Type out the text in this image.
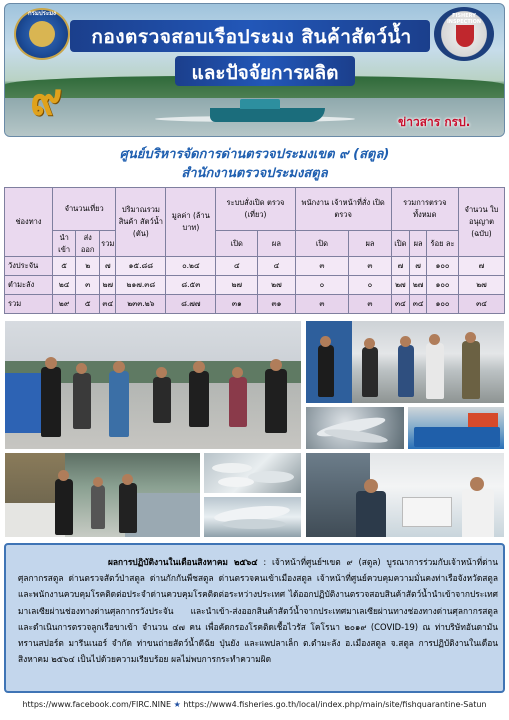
กรมประมง	FISHERY INSPECTION
กองตรวจสอบเรือประมง สินค้าสัตว์น้ำ
และปัจจัยการผลิต
๙	ข่าวสาร กรป.
ศูนย์บริหารจัดการด่านตรวจประมงเขต ๙ (สตูล)
สำนักงานตรวจประมงสตูล
ช่องทาง	จำนวนเที่ยว			ปริมาณรวม สินค้า สัตว์น้ำ (ตัน)	มูลค่า (ล้านบาท)	ระบบสั่งเปิด ตรวจ (เที่ยว)		พนักงาน เจ้าหน้าที่สั่ง เปิดตรวจ		รวมการตรวจทั้งหมด			จำนวน ใบอนุญาต (ฉบับ)
	นำเข้า	ส่งออก	รวม			เปิด	ผล	เปิด	ผล	เปิด	ผล	ร้อย ละ	
วังประจัน	๕	๒	๗	๑๕.๘๘	๐.๒๔	๔	๔	๓	๓	๗	๗	๑๐๐	๗
ตำมะลัง	๒๔	๓	๒๗	๒๑๗.๓๘	๘.๕๓	๒๗	๒๗	๐	๐	๒๗	๒๗	๑๐๐	๒๗
รวม	๒๙	๕	๓๔	๒๓๓.๒๖	๘.๗๗	๓๑	๓๑	๓	๓	๓๔	๓๔	๑๐๐	๓๔
ผลการปฏิบัติงานในเดือนสิงหาคม ๒๕๖๔ : เจ้าหน้าที่ศูนย์ฯเขต ๙ (สตูล) บูรณาการร่วมกับเจ้าหน้าที่ด่านศุลกากรสตูล ด่านตรวจสัตว์ป่าสตูล ด่านกักกันพืชสตูล ด่านตรวจคนเข้าเมืองสตูล เจ้าหน้าที่ศูนย์ควบคุมความมั่นคงท่าเรือจังหวัดสตูล และพนักงานควบคุมโรคติดต่อประจำด่านควบคุมโรคติดต่อระหว่างประเทศ ได้ออกปฏิบัติงานตรวจสอบสินค้าสัตว์น้ำนำเข้าจากประเทศมาเลเซียผ่านช่องทางด่านศุลกากรวังประจัน และนำเข้า-ส่งออกสินค้าสัตว์น้ำจากประเทศมาเลเซียผ่านทางช่องทางด่านศุลกากรสตูล และดำเนินการตรวจลูกเรือขาเข้า จำนวน ๔๗ คน เพื่อคัดกรองโรคติดเชื้อไวรัส โคโรนา ๒๐๑๙ (COVID-19) ณ ท่าบริษัทอันดามัน ทรานสปอร์ต มารีนเนอร์ จำกัด ท่าขนถ่ายสัตว์น้ำดีฉัย ปุ่นยัง และแพปลาเล็ก ต.ตำมะลัง อ.เมืองสตูล จ.สตูล การปฏิบัติงานในเดือนสิงหาคม ๒๕๖๔ เป็นไปด้วยความเรียบร้อย ผลไม่พบการกระทำความผิด
https://www.facebook.com/FIRC.NINE ★ https://www4.fisheries.go.th/local/index.php/main/site/fishquarantine-Satun
